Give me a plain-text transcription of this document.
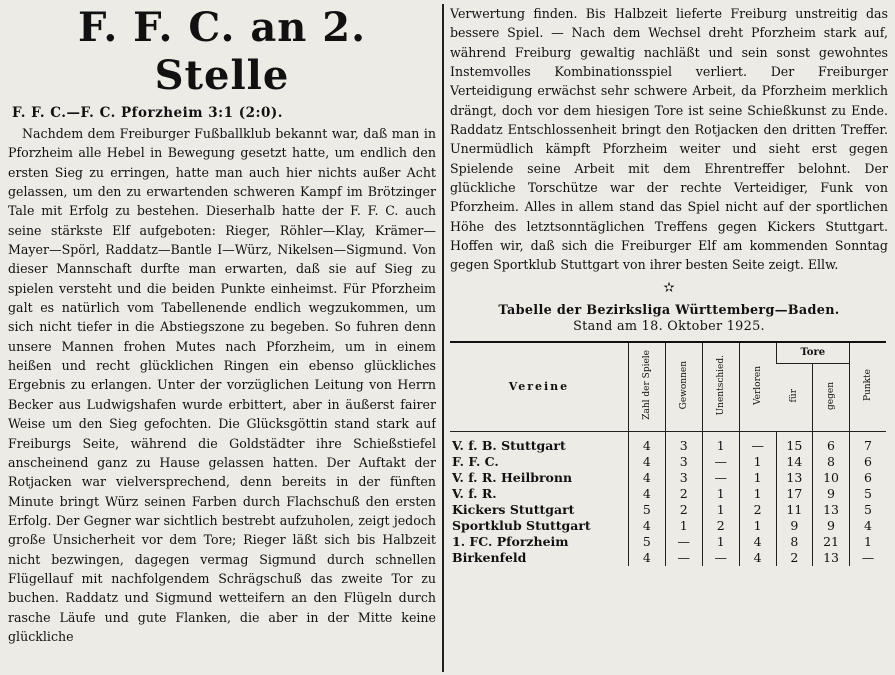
F. F. C. an 2. Stelle
F. F. C.—F. C. Pforzheim 3:1 (2:0).

Nachdem dem Freiburger Fußballklub bekannt war, daß man in Pforzheim alle Hebel in Bewegung gesetzt hatte, um endlich den ersten Sieg zu erringen, hatte man auch hier nichts außer Acht gelassen, um den zu erwartenden schweren Kampf im Brötzinger Tale mit Erfolg zu bestehen. Dieserhalb hatte der F. F. C. auch seine stärkste Elf aufgeboten: Rieger, Röhler—Klay, Krämer—Mayer—Spörl, Raddatz—Bantle I—Würz, Nikelsen—Sigmund. Von dieser Mannschaft durfte man erwarten, daß sie auf Sieg zu spielen versteht und die beiden Punkte einheimst. Für Pforzheim galt es natürlich vom Tabellenende endlich wegzukommen, um sich nicht tiefer in die Abstiegszone zu begeben. So fuhren denn unsere Mannen frohen Mutes nach Pforzheim, um in einem heißen und recht glücklichen Ringen ein ebenso glückliches Ergebnis zu erlangen. Unter der vorzüglichen Leitung von Herrn Becker aus Ludwigshafen wurde erbittert, aber in äußerst fairer Weise um den Sieg gefochten. Die Glücksgöttin stand stark auf Freiburgs Seite, während die Goldstädter ihre Schießstiefel anscheinend ganz zu Hause gelassen hatten. Der Auftakt der Rotjacken war vielversprechend, denn bereits in der fünften Minute bringt Würz seinen Farben durch Flachschuß den ersten Erfolg. Der Gegner war sichtlich bestrebt aufzuholen, zeigt jedoch große Unsicherheit vor dem Tore; Rieger läßt sich bis Halbzeit nicht bezwingen, dagegen vermag Sigmund durch schnellen Flügellauf mit nachfolgendem Schrägschuß das zweite Tor zu buchen. Raddatz und Sigmund wetteifern an den Flügeln durch rasche Läufe und gute Flanken, die aber in der Mitte keine glückliche

Verwertung finden. Bis Halbzeit lieferte Freiburg unstreitig das bessere Spiel. — Nach dem Wechsel dreht Pforzheim stark auf, während Freiburg gewaltig nachläßt und sein sonst gewohntes Instemvolles Kombinationsspiel verliert. Der Freiburger Verteidigung erwächst sehr schwere Arbeit, da Pforzheim merklich drängt, doch vor dem hiesigen Tore ist seine Schießkunst zu Ende. Raddatz Entschlossenheit bringt den Rotjacken den dritten Treffer. Unermüdlich kämpft Pforzheim weiter und sieht erst gegen Spielende seine Arbeit mit dem Ehrentreffer belohnt. Der glückliche Torschütze war der rechte Verteidiger, Funk von Pforzheim. Alles in allem stand das Spiel nicht auf der sportlichen Höhe des letztsonntäglichen Treffens gegen Kickers Stuttgart. Hoffen wir, daß sich die Freiburger Elf am kommenden Sonntag gegen Sportklub Stuttgart von ihrer besten Seite zeigt. Ellw.

✫
Tabelle der Bezirksliga Württemberg—Baden.
Stand am 18. Oktober 1925.
Vereine	Zahl der Spiele	Gewonnen	Unentschied.	Verloren	Tore		Punkte
					für	gegen	
V. f. B. Stuttgart	4	3	1	—	15	6	7
F. F. C.	4	3	—	1	14	8	6
V. f. R. Heilbronn	4	3	—	1	13	10	6
V. f. R.	4	2	1	1	17	9	5
Kickers Stuttgart	5	2	1	2	11	13	5
Sportklub Stuttgart	4	1	2	1	9	9	4
1. FC. Pforzheim	5	—	1	4	8	21	1
Birkenfeld	4	—	—	4	2	13	—
